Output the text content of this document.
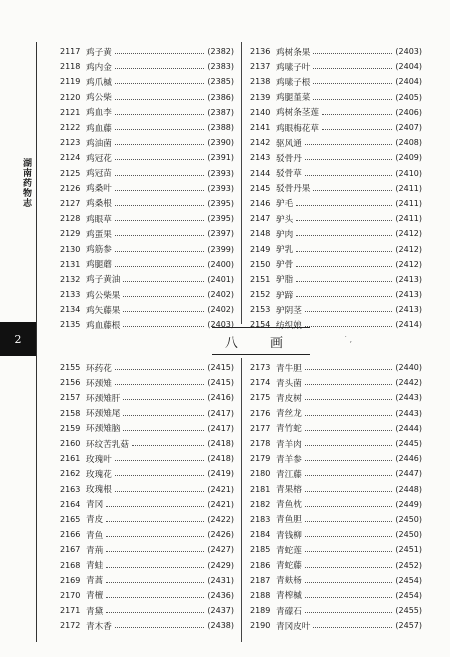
湖南药物志
2
2117 鸡子黄	(2382)
2118 鸡内金	(2383)
2119 鸡爪槭	(2385)
2120 鸡公柴	(2386)
2121 鸡血李	(2387)
2122 鸡血藤	(2388)
2123 鸡油菌	(2390)
2124 鸡冠花	(2391)
2125 鸡冠苗	(2393)
2126 鸡桑叶	(2393)
2127 鸡桑根	(2395)
2128 鸡眼草	(2395)
2129 鸡蛋果	(2397)
2130 鸡筋参	(2399)
2131 鸡腿蘑	(2400)
2132 鸡子黄油	(2401)
2133 鸡公柴果	(2402)
2134 鸡矢藤果	(2402)
2135 鸡血藤根	(2403)
2136 鸡树条果	(2403)
2137 鸡嗉子叶	(2404)
2138 鸡嗉子根	(2404)
2139 鸡腿堇菜	(2405)
2140 鸡树条茎莲	(2406)
2141 鸡眼梅花草	(2407)
2142 驱风通	(2408)
2143 驳骨丹	(2409)
2144 驳骨草	(2410)
2145 驳骨丹果	(2411)
2146 驴毛	(2411)
2147 驴头	(2411)
2148 驴肉	(2412)
2149 驴乳	(2412)
2150 驴骨	(2412)
2151 驴脂	(2413)
2152 驴蹄	(2413)
2153 驴阴茎	(2413)
2154 纺织娘	(2414)
八 画	˙ ,
2155 环药花	(2415)
2156 环颈雉	(2415)
2157 环颈雉肝	(2416)
2158 环颈雉尾	(2417)
2159 环颈雉脑	(2417)
2160 环纹苦乳菇	(2418)
2161 玫瑰叶	(2418)
2162 玫瑰花	(2419)
2163 玫瑰根	(2421)
2164 青冈	(2421)
2165 青皮	(2422)
2166 青鱼	(2426)
2167 青荊	(2427)
2168 青蛙	(2429)
2169 青蒿	(2431)
2170 青檀	(2436)
2171 青黛	(2437)
2172 青木香	(2438)
2173 青牛胆	(2440)
2174 青头菌	(2442)
2175 青皮树	(2443)
2176 青丝龙	(2443)
2177 青竹蛇	(2444)
2178 青羊肉	(2445)
2179 青羊参	(2446)
2180 青江藤	(2447)
2181 青果榕	(2448)
2182 青鱼枕	(2449)
2183 青鱼胆	(2450)
2184 青钱柳	(2450)
2185 青蛇莲	(2451)
2186 青蛇藤	(2452)
2187 青麸杨	(2454)
2188 青榨槭	(2454)
2189 青礞石	(2455)
2190 青冈皮叶	(2457)
